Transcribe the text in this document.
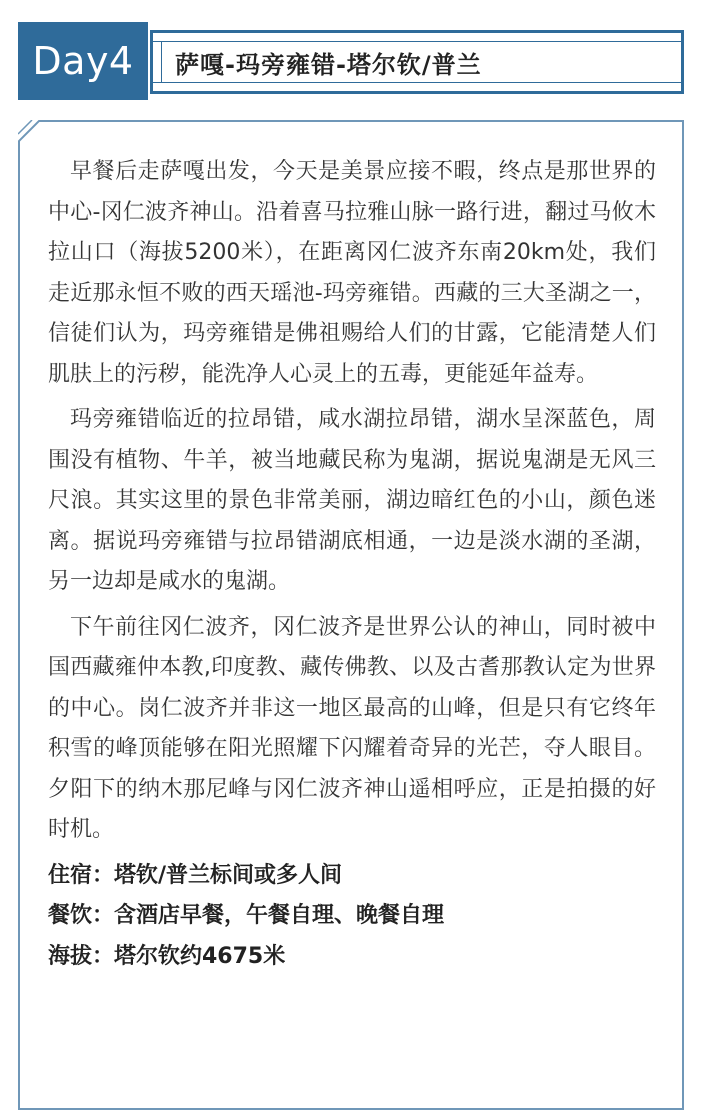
Day4 萨嘎-玛旁雍错-塔尔钦/普兰

早餐后走萨嘎出发，今天是美景应接不暇，终点是那世界的中心-冈仁波齐神山。沿着喜马拉雅山脉一路行进，翻过马攸木拉山口（海拔5200米），在距离冈仁波齐东南20km处，我们走近那永恒不败的西天瑶池-玛旁雍错。西藏的三大圣湖之一，信徒们认为，玛旁雍错是佛祖赐给人们的甘露，它能清楚人们肌肤上的污秽，能洗净人心灵上的五毒，更能延年益寿。

玛旁雍错临近的拉昂错，咸水湖拉昂错，湖水呈深蓝色，周围没有植物、牛羊，被当地藏民称为鬼湖，据说鬼湖是无风三尺浪。其实这里的景色非常美丽，湖边暗红色的小山，颜色迷离。据说玛旁雍错与拉昂错湖底相通，一边是淡水湖的圣湖，另一边却是咸水的鬼湖。

下午前往冈仁波齐，冈仁波齐是世界公认的神山，同时被中国西藏雍仲本教,印度教、藏传佛教、以及古耆那教认定为世界的中心。岗仁波齐并非这一地区最高的山峰，但是只有它终年积雪的峰顶能够在阳光照耀下闪耀着奇异的光芒，夺人眼目。夕阳下的纳木那尼峰与冈仁波齐神山遥相呼应，正是拍摄的好时机。

住宿：塔钦/普兰标间或多人间

餐饮：含酒店早餐，午餐自理、晚餐自理

海拔：塔尔钦约4675米
